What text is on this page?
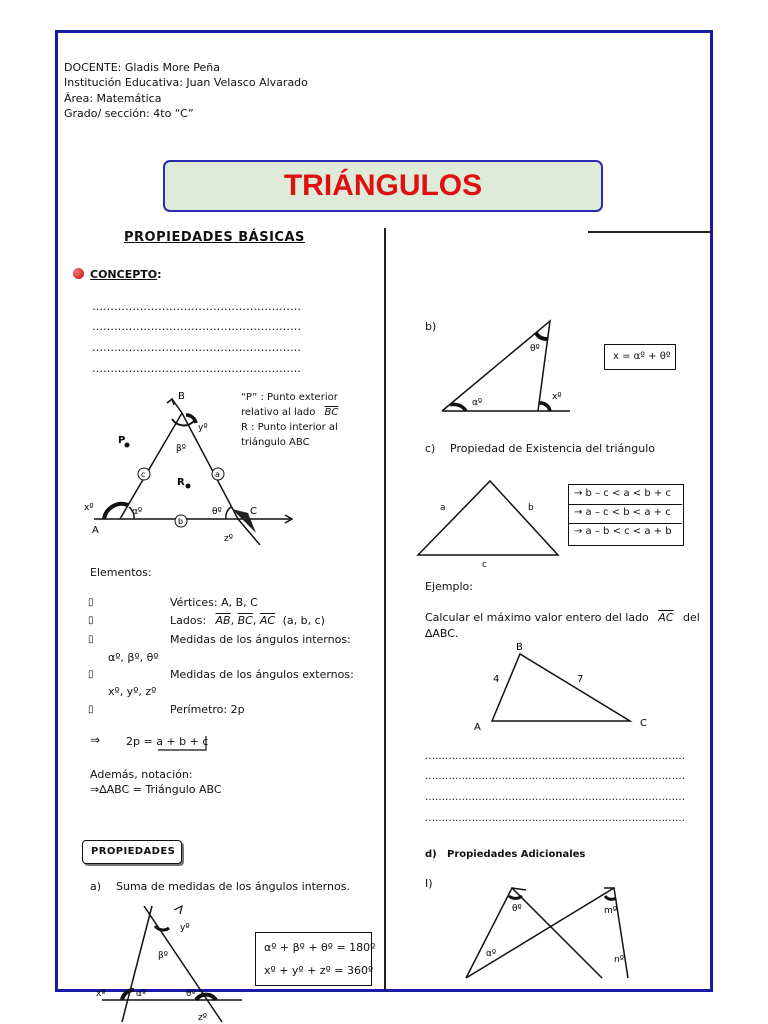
DOCENTE: Gladis More Peña
Institución Educativa: Juan Velasco Alvarado
Área: Matemática
Grado/ sección: 4to “C”
TRIÁNGULOS
PROPIEDADES BÁSICAS
CONCEPTO:
…………………………………………………
…………………………………………………
…………………………………………………
…………………………………………………
B
yº
βº
P
R
c	a
b
xº	αº	θº	C
A
zº
“P” : Punto exterior
relativo al lado $\overline{BC}$
R : Punto interior al
triángulo ABC
Elementos:
▯	Vértices: A, B, C
▯	Lados: $\overline{AB}$, $\overline{BC}$, $\overline{AC}$ (a, b, c)
▯	Medidas de los ángulos internos:
αº, βº, θº
▯	Medidas de los ángulos externos:
xº, yº, zº
▯	Perímetro: 2p
⇒ 2p = a + b + c
Además, notación:
⇒∆ABC = Triángulo ABC
PROPIEDADES
a) Suma de medidas de los ángulos internos.
yº
βº
xº	αº	θº
zº
αº + βº + θº = 180º
xº + yº + zº = 360º
b)
θº
αº
xº
x = αº + θº
c) Propiedad de Existencia del triángulo
a	b
c
→ b – c < a < b + c
→ a – c < b < a + c
→ a – b < c < a + b
Ejemplo:
Calcular el máximo valor entero del lado $\overline{AC}$ del
∆ABC.
B
4	7
A	C
……………………………………………………………………
……………………………………………………………………
……………………………………………………………………
……………………………………………………………………
d) Propiedades Adicionales
I)
θº
αº
mº
nº
